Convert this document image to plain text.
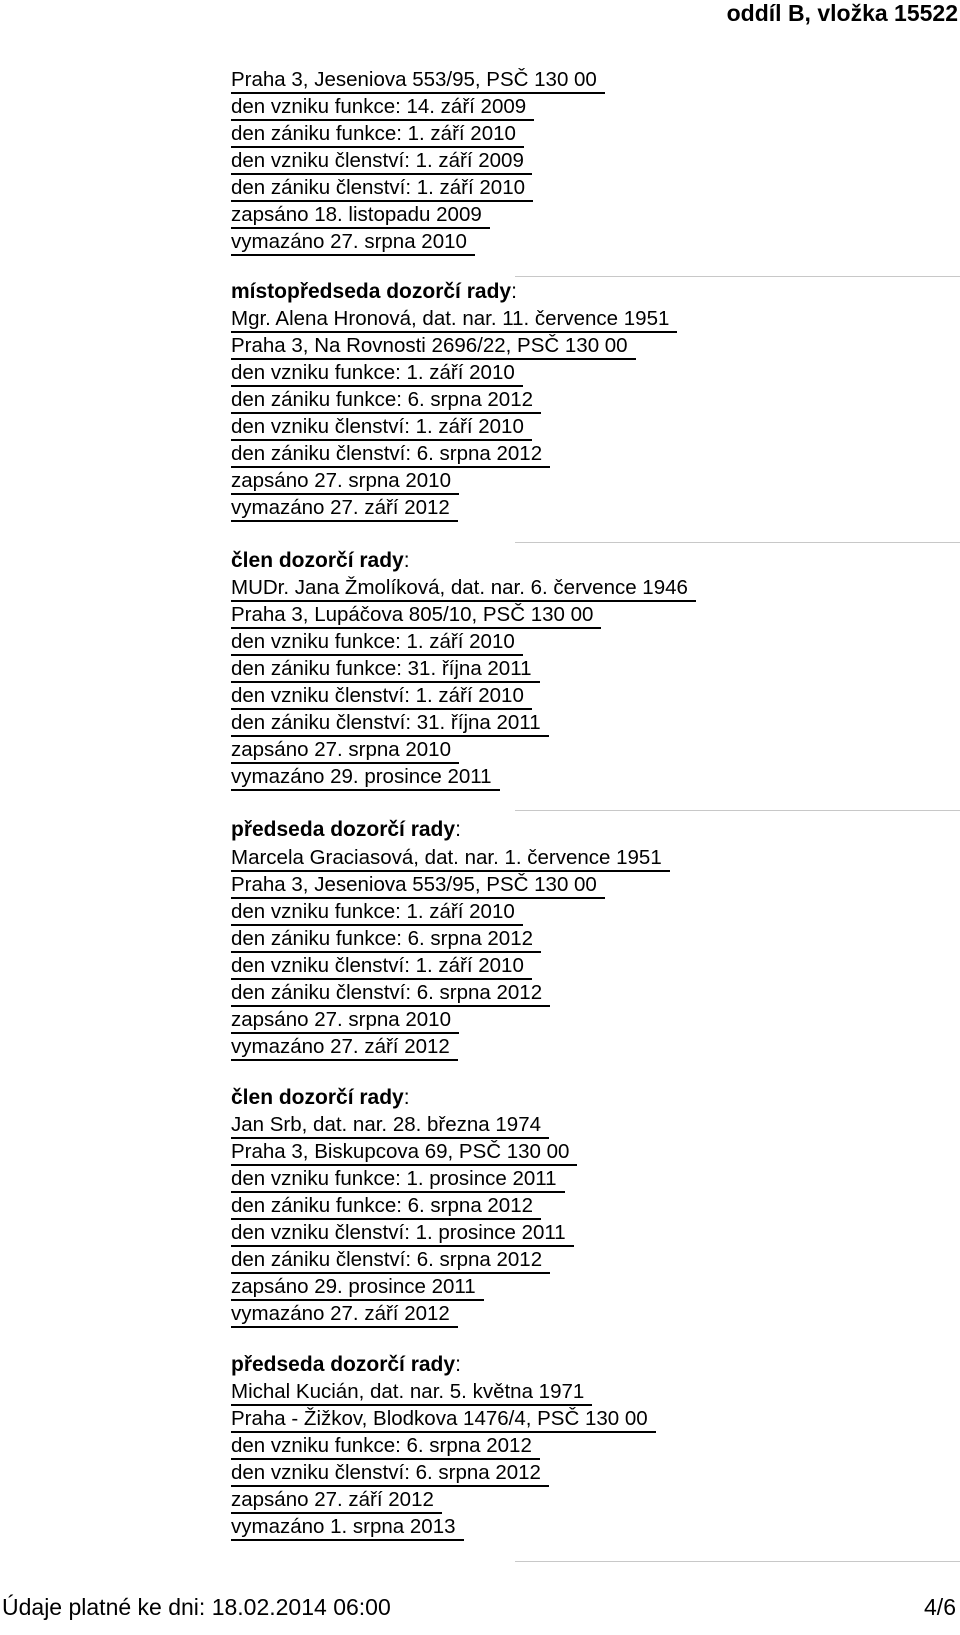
oddíl B, vložka 15522
Praha 3, Jeseniova 553/95, PSČ 130 00
den vzniku funkce: 14. září 2009
den zániku funkce: 1. září 2010
den vzniku členství: 1. září 2009
den zániku členství: 1. září 2010
zapsáno 18. listopadu 2009
vymazáno 27. srpna 2010
místopředseda dozorčí rady:
Mgr. Alena Hronová, dat. nar. 11. července 1951
Praha 3, Na Rovnosti 2696/22, PSČ 130 00
den vzniku funkce: 1. září 2010
den zániku funkce: 6. srpna 2012
den vzniku členství: 1. září 2010
den zániku členství: 6. srpna 2012
zapsáno 27. srpna 2010
vymazáno 27. září 2012
člen dozorčí rady:
MUDr. Jana Žmolíková, dat. nar. 6. července 1946
Praha 3, Lupáčova 805/10, PSČ 130 00
den vzniku funkce: 1. září 2010
den zániku funkce: 31. října 2011
den vzniku členství: 1. září 2010
den zániku členství: 31. října 2011
zapsáno 27. srpna 2010
vymazáno 29. prosince 2011
předseda dozorčí rady:
Marcela Graciasová, dat. nar. 1. července 1951
Praha 3, Jeseniova 553/95, PSČ 130 00
den vzniku funkce: 1. září 2010
den zániku funkce: 6. srpna 2012
den vzniku členství: 1. září 2010
den zániku členství: 6. srpna 2012
zapsáno 27. srpna 2010
vymazáno 27. září 2012
člen dozorčí rady:
Jan Srb, dat. nar. 28. března 1974
Praha 3, Biskupcova 69, PSČ 130 00
den vzniku funkce: 1. prosince 2011
den zániku funkce: 6. srpna 2012
den vzniku členství: 1. prosince 2011
den zániku členství: 6. srpna 2012
zapsáno 29. prosince 2011
vymazáno 27. září 2012
předseda dozorčí rady:
Michal Kucián, dat. nar. 5. května 1971
Praha - Žižkov, Blodkova 1476/4, PSČ 130 00
den vzniku funkce: 6. srpna 2012
den vzniku členství: 6. srpna 2012
zapsáno 27. září 2012
vymazáno 1. srpna 2013
Údaje platné ke dni: 18.02.2014 06:00	4/6
